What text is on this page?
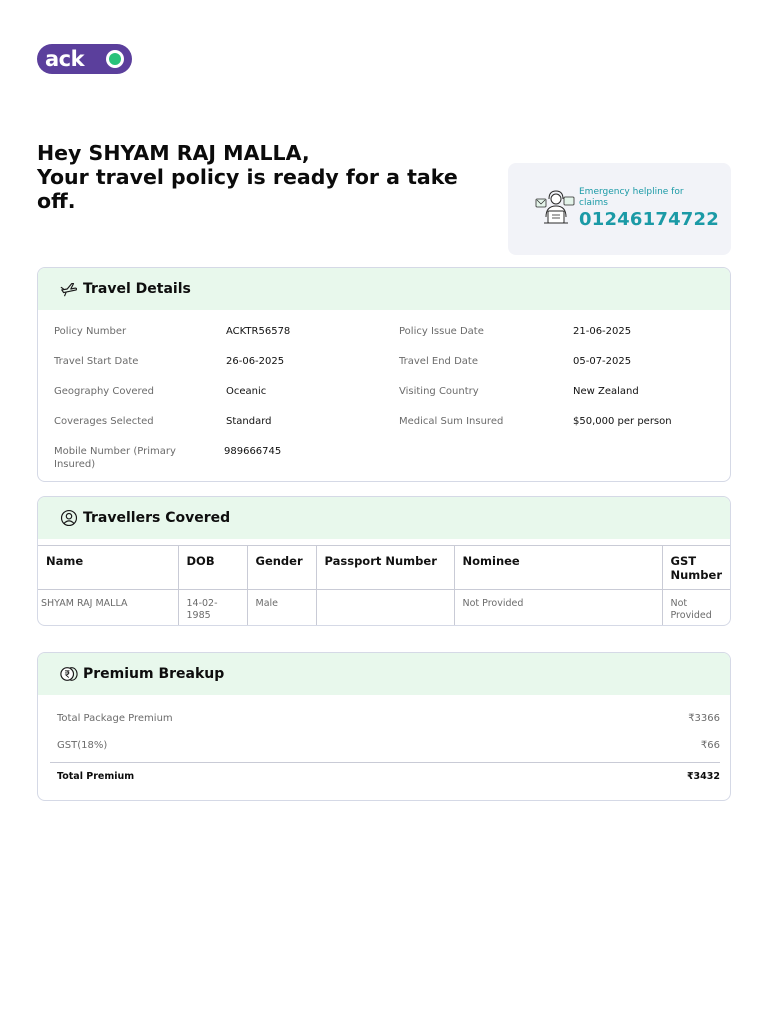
ack
Hey SHYAM RAJ MALLA,
Your travel policy is ready for a take off.	Emergency helpline for claims
01246174722
Travel Details
Policy Number	ACKTR56578	Policy Issue Date	21-06-2025
Travel Start Date	26-06-2025	Travel End Date	05-07-2025
Geography Covered	Oceanic	Visiting Country	New Zealand
Coverages Selected	Standard	Medical Sum Insured	$50,000 per person
Mobile Number (Primary Insured)
989666745
Travellers Covered
Name	DOB	Gender	Passport Number	Nominee	GST Number
SHYAM RAJ MALLA	14-02-1985	Male		Not Provided	Not Provided
Premium Breakup
Total Package Premium	₹3366
GST(18%)	₹66
Total Premium	₹3432
